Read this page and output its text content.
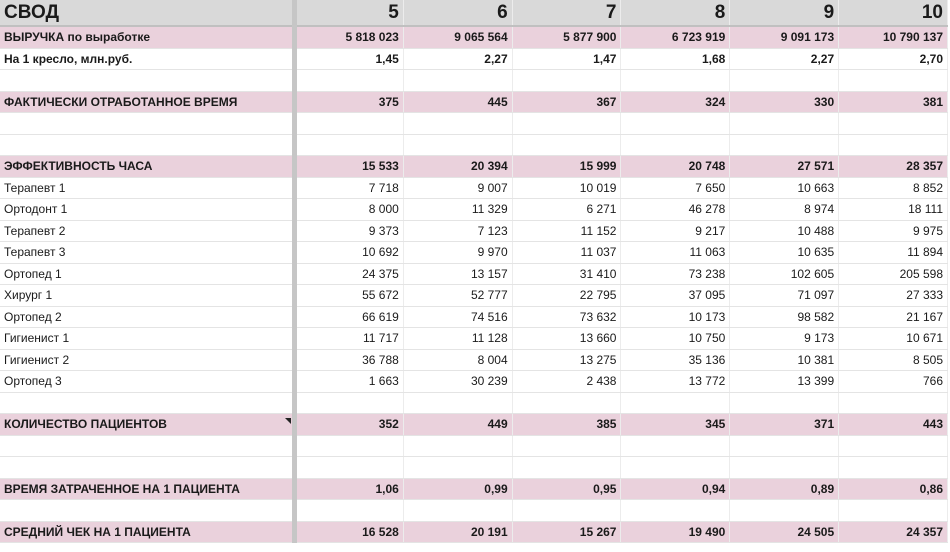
СВОД	5	6	7	8	9	10
ВЫРУЧКА по выработке	5 818 023	9 065 564	5 877 900	6 723 919	9 091 173	10 790 137
На 1 кресло, млн.руб.	1,45	2,27	1,47	1,68	2,27	2,70

ФАКТИЧЕСКИ ОТРАБОТАННОЕ ВРЕМЯ	375	445	367	324	330	381

ЭФФЕКТИВНОСТЬ ЧАСА	15 533	20 394	15 999	20 748	27 571	28 357
Терапевт 1	7 718	9 007	10 019	7 650	10 663	8 852
Ортодонт 1	8 000	11 329	6 271	46 278	8 974	18 111
Терапевт 2	9 373	7 123	11 152	9 217	10 488	9 975
Терапевт 3	10 692	9 970	11 037	11 063	10 635	11 894
Ортопед 1	24 375	13 157	31 410	73 238	102 605	205 598
Хирург 1	55 672	52 777	22 795	37 095	71 097	27 333
Ортопед 2	66 619	74 516	73 632	10 173	98 582	21 167
Гигиенист 1	11 717	11 128	13 660	10 750	9 173	10 671
Гигиенист 2	36 788	8 004	13 275	35 136	10 381	8 505
Ортопед 3	1 663	30 239	2 438	13 772	13 399	766

КОЛИЧЕСТВО ПАЦИЕНТОВ	352	449	385	345	371	443

ВРЕМЯ ЗАТРАЧЕННОЕ НА 1 ПАЦИЕНТА	1,06	0,99	0,95	0,94	0,89	0,86

СРЕДНИЙ ЧЕК НА 1 ПАЦИЕНТА	16 528	20 191	15 267	19 490	24 505	24 357
